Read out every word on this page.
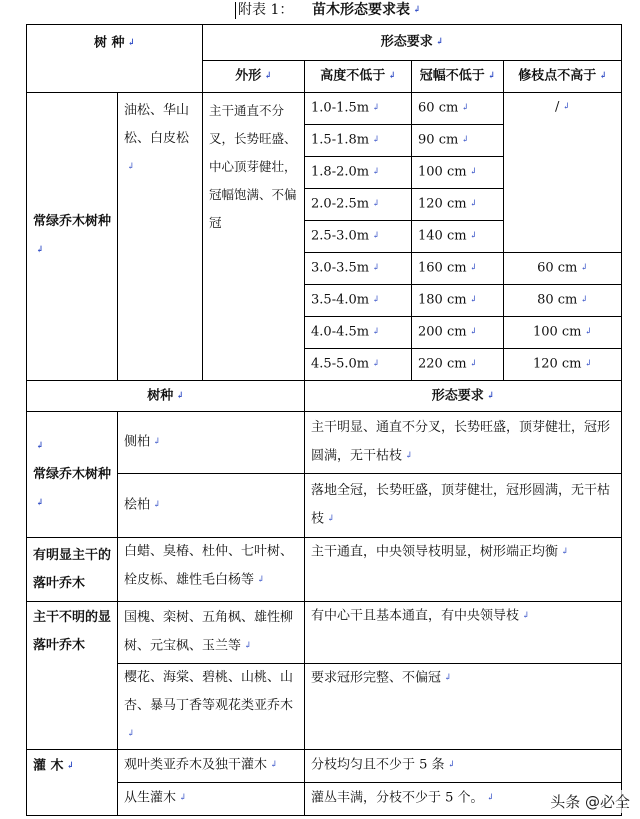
附表 1： 苗木形态要求表↲
树 种↲		形态要求↲
		外形↲	高度不低于↲	冠幅不低于↲	修枝点不高于↲
常绿乔木树种↲	油松、华山松、白皮松↲	主干通直不分叉，长势旺盛、中心顶芽健壮，冠幅饱满、不偏冠	1.0-1.5m↲	60 cm↲	/↲
			1.5-1.8m↲	90 cm↲
			1.8-2.0m↲	100 cm↲
			2.0-2.5m↲	120 cm↲
			2.5-3.0m↲	140 cm↲
			3.0-3.5m↲	160 cm↲	60 cm↲
			3.5-4.0m↲	180 cm↲	80 cm↲
			4.0-4.5m↲	200 cm↲	100 cm↲
			4.5-5.0m↲	220 cm↲	120 cm↲
树种↲			形态要求↲
↲
常绿乔木树种↲	侧柏↲		主干明显、通直不分叉，长势旺盛，顶芽健壮，冠形圆满，无干枯枝↲
	桧柏↲		落地全冠，长势旺盛，顶芽健壮，冠形圆满，无干枯枝↲
有明显主干的落叶乔木	白蜡、臭椿、杜仲、七叶树、栓皮栎、雄性毛白杨等↲		主干通直，中央领导枝明显，树形端正均衡↲
主干不明的显落叶乔木	国槐、栾树、五角枫、雄性柳树、元宝枫、玉兰等↲		有中心干且基本通直，有中央领导枝↲
	樱花、海棠、碧桃、山桃、山杏、暴马丁香等观花类亚乔木↲		要求冠形完整、不偏冠↲
灌 木↲	观叶类亚乔木及独干灌木↲		分枝均匀且不少于 5 条↲
	从生灌木↲		灌丛丰满，分枝不少于 5 个。↲	头条 @必全
